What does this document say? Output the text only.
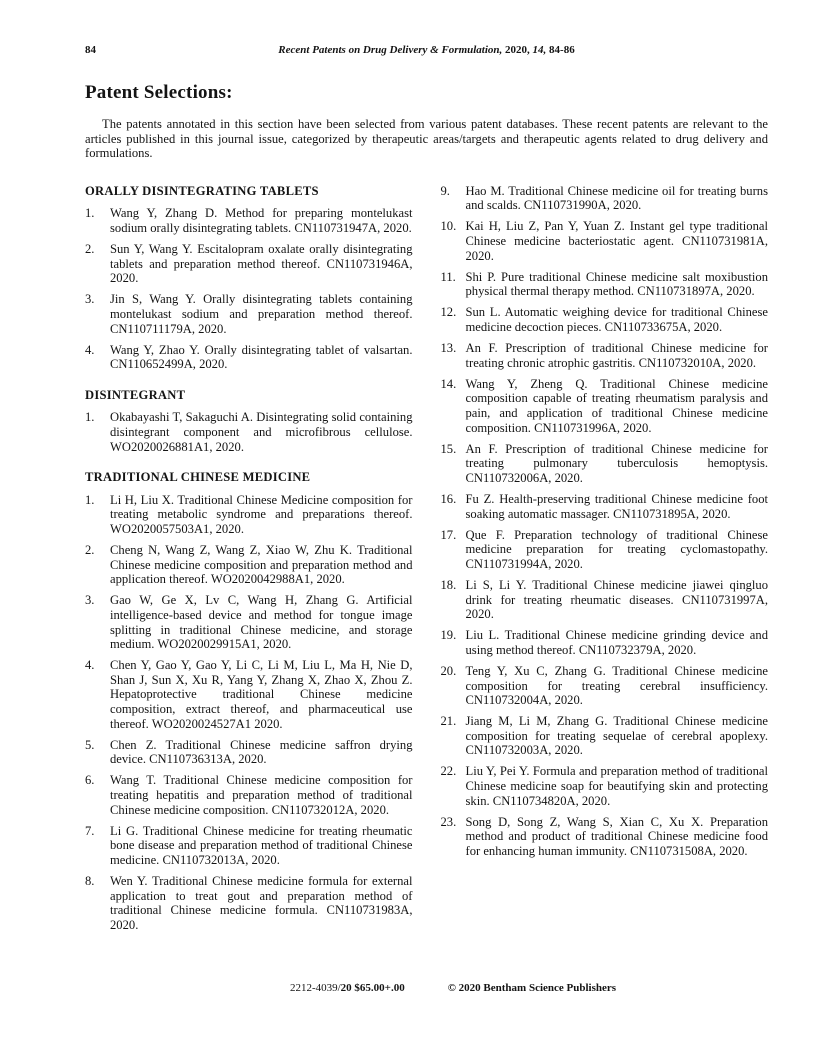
84	Recent Patents on Drug Delivery & Formulation, 2020, 14, 84-86
Patent Selections:

The patents annotated in this section have been selected from various patent databases. These recent patents are relevant to the articles published in this journal issue, categorized by therapeutic areas/targets and therapeutic agents related to drug delivery and formulations.

ORALLY DISINTEGRATING TABLETS
1. Wang Y, Zhang D. Method for preparing montelukast sodium orally disintegrating tablets. CN110731947A, 2020.
2. Sun Y, Wang Y. Escitalopram oxalate orally disintegrating tablets and preparation method thereof. CN110731946A, 2020.
3. Jin S, Wang Y. Orally disintegrating tablets containing montelukast sodium and preparation method thereof. CN110711179A, 2020.
4. Wang Y, Zhao Y. Orally disintegrating tablet of valsartan. CN110652499A, 2020.
DISINTEGRANT
1. Okabayashi T, Sakaguchi A. Disintegrating solid containing disintegrant component and microfibrous cellulose. WO2020026881A1, 2020.
TRADITIONAL CHINESE MEDICINE
1. Li H, Liu X. Traditional Chinese Medicine composition for treating metabolic syndrome and preparations thereof. WO2020057503A1, 2020.
2. Cheng N, Wang Z, Wang Z, Xiao W, Zhu K. Traditional Chinese medicine composition and preparation method and application thereof. WO2020042988A1, 2020.
3. Gao W, Ge X, Lv C, Wang H, Zhang G. Artificial intelligence-based device and method for tongue image splitting in traditional Chinese medicine, and storage medium. WO2020029915A1, 2020.
4. Chen Y, Gao Y, Gao Y, Li C, Li M, Liu L, Ma H, Nie D, Shan J, Sun X, Xu R, Yang Y, Zhang X, Zhao X, Zhou Z. Hepatoprotective traditional Chinese medicine composition, extract thereof, and pharmaceutical use thereof. WO2020024527A1 2020.
5. Chen Z. Traditional Chinese medicine saffron drying device. CN110736313A, 2020.
6. Wang T. Traditional Chinese medicine composition for treating hepatitis and preparation method of traditional Chinese medicine composition. CN110732012A, 2020.
7. Li G. Traditional Chinese medicine for treating rheumatic bone disease and preparation method of traditional Chinese medicine. CN110732013A, 2020.
8. Wen Y. Traditional Chinese medicine formula for external application to treat gout and preparation method of traditional Chinese medicine formula. CN110731983A, 2020.
9. Hao M. Traditional Chinese medicine oil for treating burns and scalds. CN110731990A, 2020.
10. Kai H, Liu Z, Pan Y, Yuan Z. Instant gel type traditional Chinese medicine bacteriostatic agent. CN110731981A, 2020.
11. Shi P. Pure traditional Chinese medicine salt moxibustion physical thermal therapy method. CN110731897A, 2020.
12. Sun L. Automatic weighing device for traditional Chinese medicine decoction pieces. CN110733675A, 2020.
13. An F. Prescription of traditional Chinese medicine for treating chronic atrophic gastritis. CN110732010A, 2020.
14. Wang Y, Zheng Q. Traditional Chinese medicine composition capable of treating rheumatism paralysis and pain, and application of traditional Chinese medicine composition. CN110731996A, 2020.
15. An F. Prescription of traditional Chinese medicine for treating pulmonary tuberculosis hemoptysis. CN110732006A, 2020.
16. Fu Z. Health-preserving traditional Chinese medicine foot soaking automatic massager. CN110731895A, 2020.
17. Que F. Preparation technology of traditional Chinese medicine preparation for treating cyclomastopathy. CN110731994A, 2020.
18. Li S, Li Y. Traditional Chinese medicine jiawei qingluo drink for treating rheumatic diseases. CN110731997A, 2020.
19. Liu L. Traditional Chinese medicine grinding device and using method thereof. CN110732379A, 2020.
20. Teng Y, Xu C, Zhang G. Traditional Chinese medicine composition for treating cerebral insufficiency. CN110732004A, 2020.
21. Jiang M, Li M, Zhang G. Traditional Chinese medicine composition for treating sequelae of cerebral apoplexy. CN110732003A, 2020.
22. Liu Y, Pei Y. Formula and preparation method of traditional Chinese medicine soap for beautifying skin and protecting skin. CN110734820A, 2020.
23. Song D, Song Z, Wang S, Xian C, Xu X. Preparation method and product of traditional Chinese medicine food for enhancing human immunity. CN110731508A, 2020.
2212-4039/20 $65.00+.00	© 2020 Bentham Science Publishers
